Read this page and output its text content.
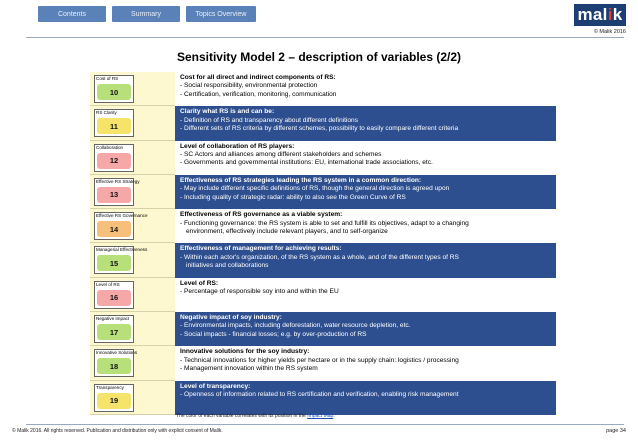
Contents	Summary	Topics Overview	mal i k
© Malik 2016
Sensitivity Model 2 – description of variables (2/2)
Cost of RS
10
Cost for all direct and indirect components of RS:
- Social responsibility, environmental protection
- Certification, verification, monitoring, communication
RS Clarity
11
Clarity what RS is and can be:
- Definition of RS and transparency about different definitions
- Different sets of RS criteria by different schemes, possibility to easily compare different criteria
Collaboration
12
Level of collaboration of RS players:
- SC Actors and alliances among different stakeholders and schemes
- Governments and governmental institutions: EU, international trade associations, etc.
Effective RS Strategy
13
Effectiveness of RS strategies leading the RS system in a common direction:
- May include different specific definitions of RS, though the general direction is agreed upon
- Including quality of strategic radar: ability to also see the Green Curve of RS
Effective RS Governance
14
Effectiveness of RS governance as a viable system:
- Functioning governance: the RS system is able to set and fulfill its objectives, adapt to a changing
environment, effectively include relevant players, and to self-organize
Managerial Effectiveness
15
Effectiveness of management for achieving results:
- Within each actor's organization, of the RS system as a whole, and of the different types of RS
initiatives and collaborations
Level of RS
16
Level of RS:
- Percentage of responsible soy into and within the EU
Negative Impact
17
Negative impact of soy industry:
- Environmental impacts, including deforestation, water resource depletion, etc.
- Social impacts - financial losses; e.g. by over-production of RS
Innovative Solutions
18
Innovative solutions for the soy industry:
- Technical innovations for higher yields per hectare or in the supply chain: logistics / processing
- Management innovation within the RS system
Transparency
19
Level of transparency:
- Openness of information related to RS certification and verification, enabling risk management
The color of each variable correlates with its position in the Impact Map.
© Malik 2016. All rights reserved. Publication and distribution only with explicit consent of Malik.	page 34
